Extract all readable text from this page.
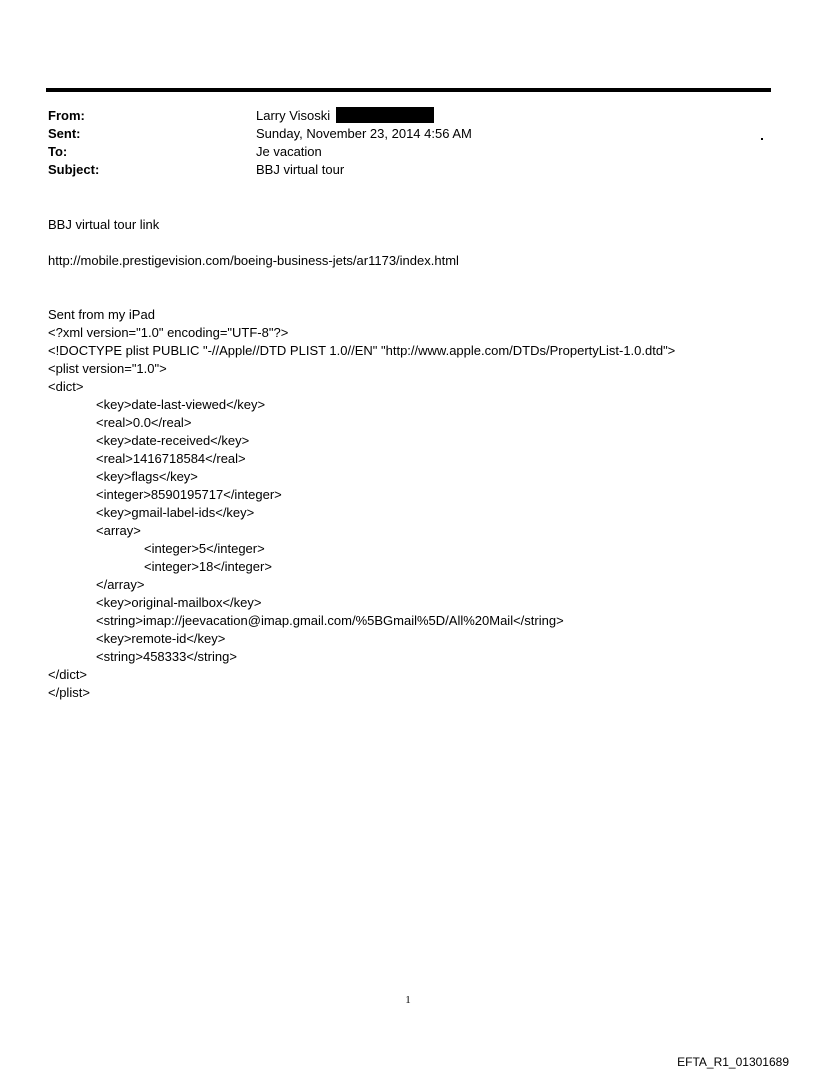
From:	Larry Visoski
Sent:	Sunday, November 23, 2014 4:56 AM
To:	Je vacation
Subject:	BBJ virtual tour
BBJ virtual tour link
http://mobile.prestigevision.com/boeing-business-jets/ar1173/index.html
Sent from my iPad
<?xml version="1.0" encoding="UTF-8"?>
<!DOCTYPE plist PUBLIC "-//Apple//DTD PLIST 1.0//EN" "http://www.apple.com/DTDs/PropertyList-1.0.dtd">
<plist version="1.0">
<dict>
<key>date-last-viewed</key>
<real>0.0</real>
<key>date-received</key>
<real>1416718584</real>
<key>flags</key>
<integer>8590195717</integer>
<key>gmail-label-ids</key>
<array>
<integer>5</integer>
<integer>18</integer>
</array>
<key>original-mailbox</key>
<string>imap://jeevacation@imap.gmail.com/%5BGmail%5D/All%20Mail</string>
<key>remote-id</key>
<string>458333</string>
</dict>
</plist>
1
EFTA_R1_01301689
